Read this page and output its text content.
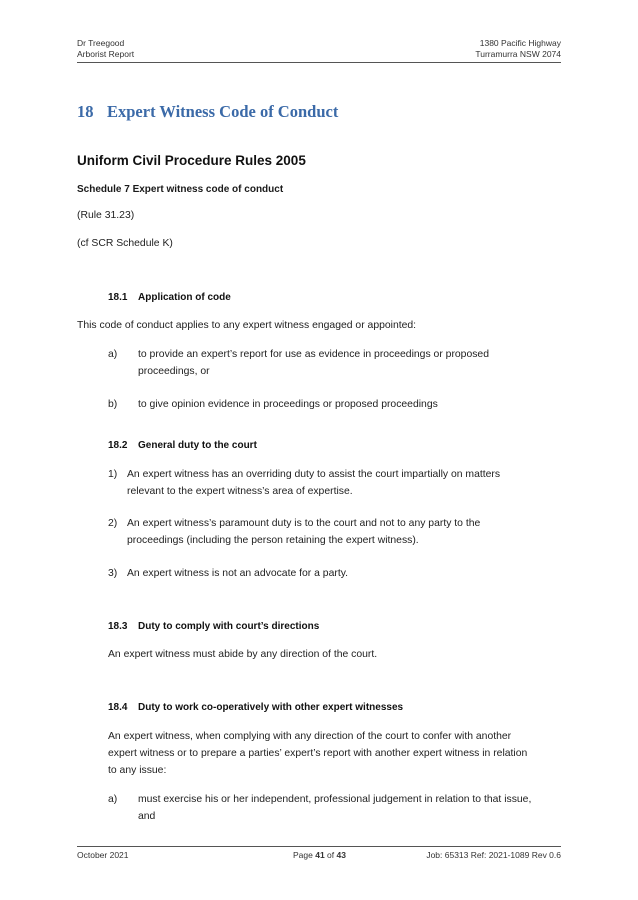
Dr Treegood
Arborist Report
1380 Pacific Highway
Turramurra NSW 2074
18 Expert Witness Code of Conduct
Uniform Civil Procedure Rules 2005
Schedule 7 Expert witness code of conduct
(Rule 31.23)
(cf SCR Schedule K)
18.1 Application of code
This code of conduct applies to any expert witness engaged or appointed:
a) to provide an expert’s report for use as evidence in proceedings or proposed
proceedings, or
b) to give opinion evidence in proceedings or proposed proceedings
18.2 General duty to the court
1) An expert witness has an overriding duty to assist the court impartially on matters
relevant to the expert witness’s area of expertise.
2) An expert witness’s paramount duty is to the court and not to any party to the
proceedings (including the person retaining the expert witness).
3) An expert witness is not an advocate for a party.
18.3 Duty to comply with court’s directions
An expert witness must abide by any direction of the court.
18.4 Duty to work co-operatively with other expert witnesses
An expert witness, when complying with any direction of the court to confer with another
expert witness or to prepare a parties’ expert’s report with another expert witness in relation
to any issue:
a) must exercise his or her independent, professional judgement in relation to that issue,
and
October 2021	Page 41 of 43	Job: 65313 Ref: 2021-1089 Rev 0.6
